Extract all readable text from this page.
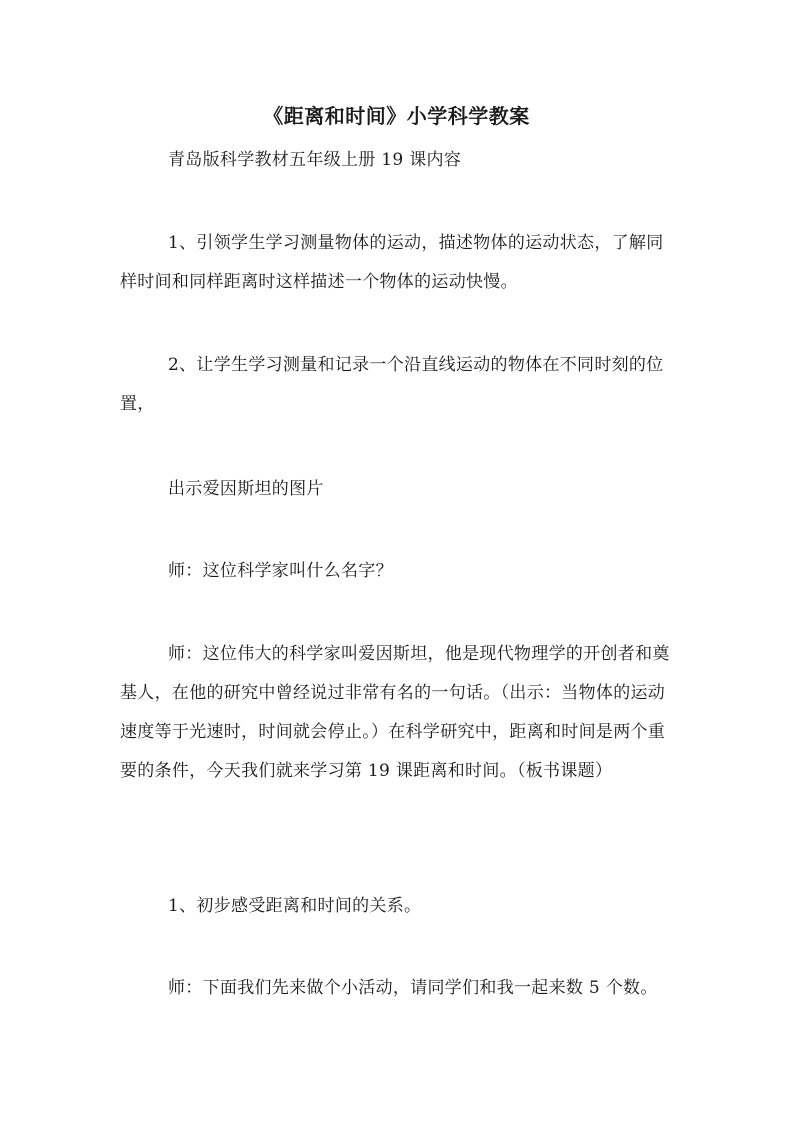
《距离和时间》小学科学教案

青岛版科学教材五年级上册 19 课内容

1、引领学生学习测量物体的运动，描述物体的运动状态，了解同样时间和同样距离时这样描述一个物体的运动快慢。

2、让学生学习测量和记录一个沿直线运动的物体在不同时刻的位置，

出示爱因斯坦的图片

师：这位科学家叫什么名字？

师：这位伟大的科学家叫爱因斯坦，他是现代物理学的开创者和奠基人，在他的研究中曾经说过非常有名的一句话。（出示：当物体的运动速度等于光速时，时间就会停止。）在科学研究中，距离和时间是两个重要的条件，今天我们就来学习第 19 课距离和时间。（板书课题）

1、初步感受距离和时间的关系。

师：下面我们先来做个小活动，请同学们和我一起来数 5 个数。
